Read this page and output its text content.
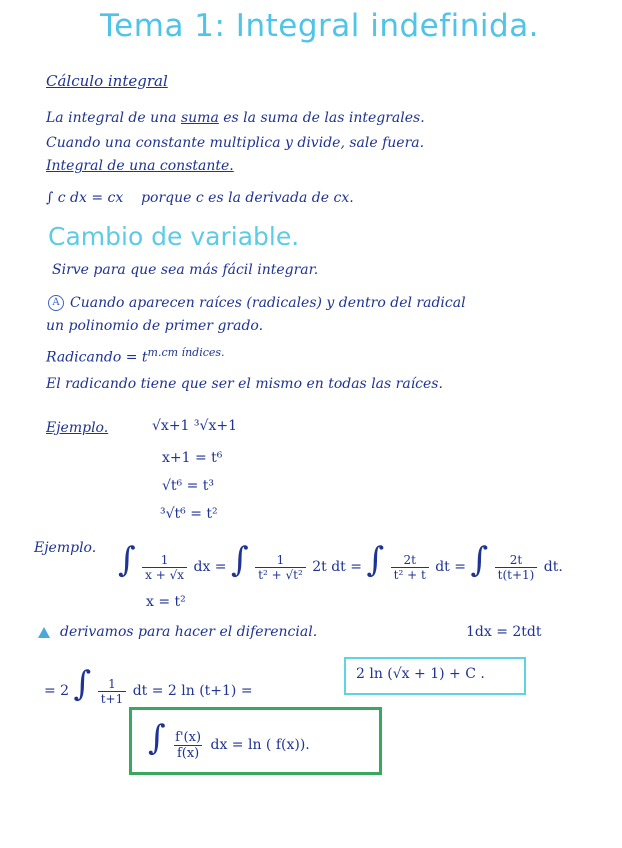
Tema 1: Integral indefinida.
Cálculo integral
La integral de una suma es la suma de las integrales.
Cuando una constante multiplica y divide, sale fuera.
Integral de una constante.
∫ c dx = cx porque c es la derivada de cx.
Cambio de variable.
Sirve para que sea más fácil integrar.
A Cuando aparecen raíces (radicales) y dentro del radical
un polinomio de primer grado.
Radicando = $t^{m.cm índices.}$
El radicando tiene que ser el mismo en todas las raíces.
Ejemplo.	√x+1 ³√x+1
x+1 = t⁶
√t⁶ = t³
³√t⁶ = t²
Ejemplo. ∫ $\frac{1}{x + √x}$ dx = ∫ $\frac{1}{\text{t² + √t²}} 2t$ dt = ∫ $\frac{2t}{\text{t² + t}}$ dt = ∫ $\frac{2t}{t(t+1)}$ dt.
x = t²
derivamos para hacer el diferencial.	1dx = 2tdt
= 2 ∫ $\frac{1}{t+1}$ dt = 2 ln (t+1) =
2 ln (√x + 1) + C .
∫ $\frac{f'(x)}{f(x)}$ dx = ln ( f(x)).
